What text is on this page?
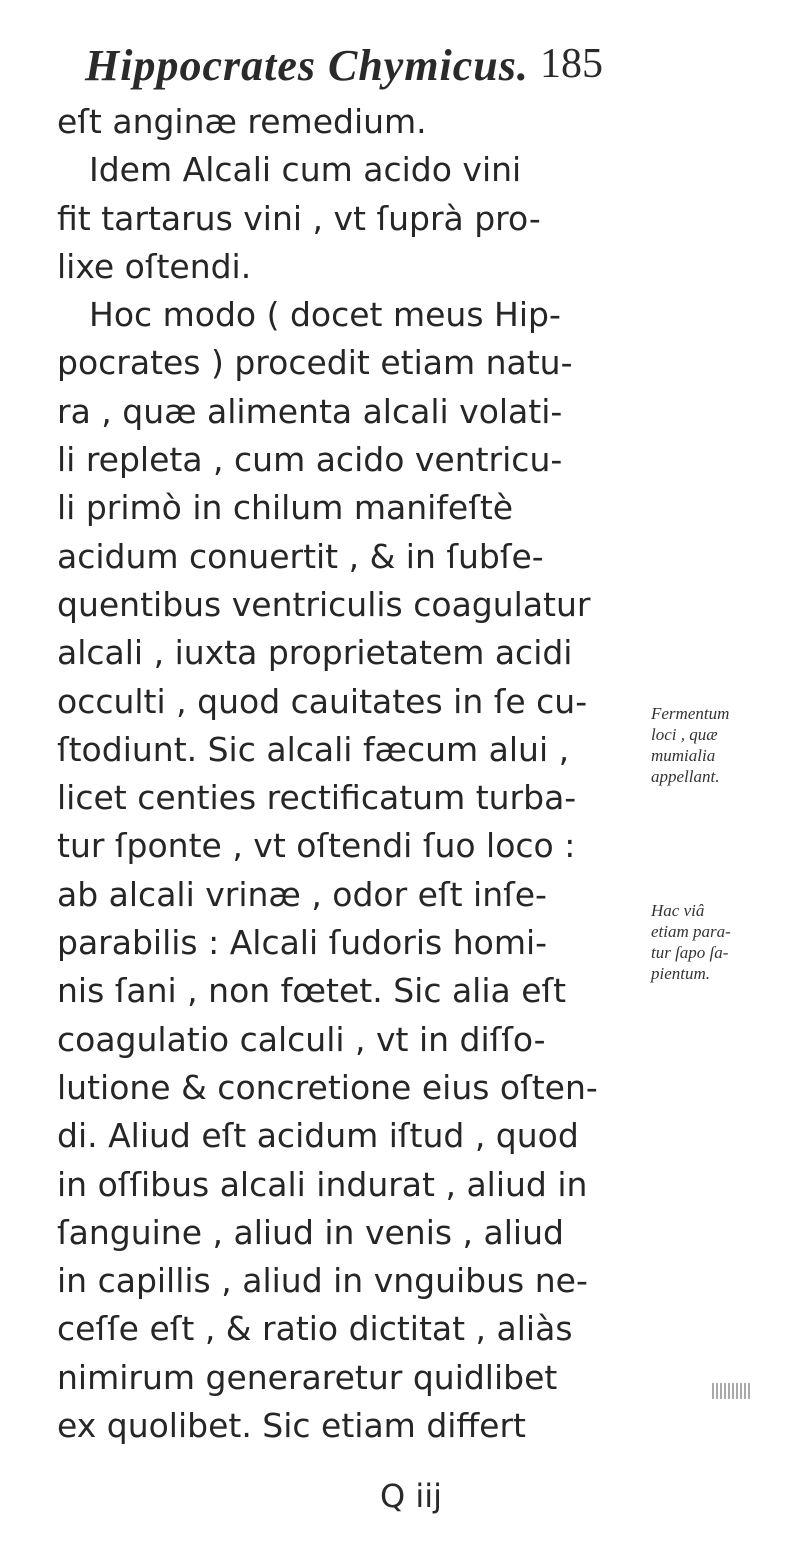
Hippocrates Chymicus. 185
eſt anginæ remedium.
Idem Alcali cum acido vini
fit tartarus vini , vt ſuprà pro-
lixe oſtendi.
Hoc modo ( docet meus Hip-
pocrates ) procedit etiam natu-
ra , quæ alimenta alcali volati-
li repleta , cum acido ventricu-
li primò in chilum manifeſtè
acidum conuertit , & in ſubſe-
quentibus ventriculis coagulatur
alcali , iuxta proprietatem acidi
occulti , quod cauitates in ſe cu-
ſtodiunt. Sic alcali fæcum alui ,
licet centies rectificatum turba-
tur ſponte , vt oſtendi ſuo loco :
ab alcali vrinæ , odor eſt inſe-
parabilis : Alcali ſudoris homi-
nis ſani , non fœtet. Sic alia eſt
coagulatio calculi , vt in diſſo-
lutione & concretione eius oſten-
di. Aliud eſt acidum iſtud , quod
in oſſibus alcali indurat , aliud in
ſanguine , aliud in venis , aliud
in capillis , aliud in vnguibus ne-
ceſſe eſt , & ratio dictitat , aliàs
nimirum generaretur quidlibet
ex quolibet. Sic etiam differt
Q iij
Fermentum
loci , quæ
mumialia
appellant.
Hac viâ
etiam para-
tur ſapo ſa-
pientum.
